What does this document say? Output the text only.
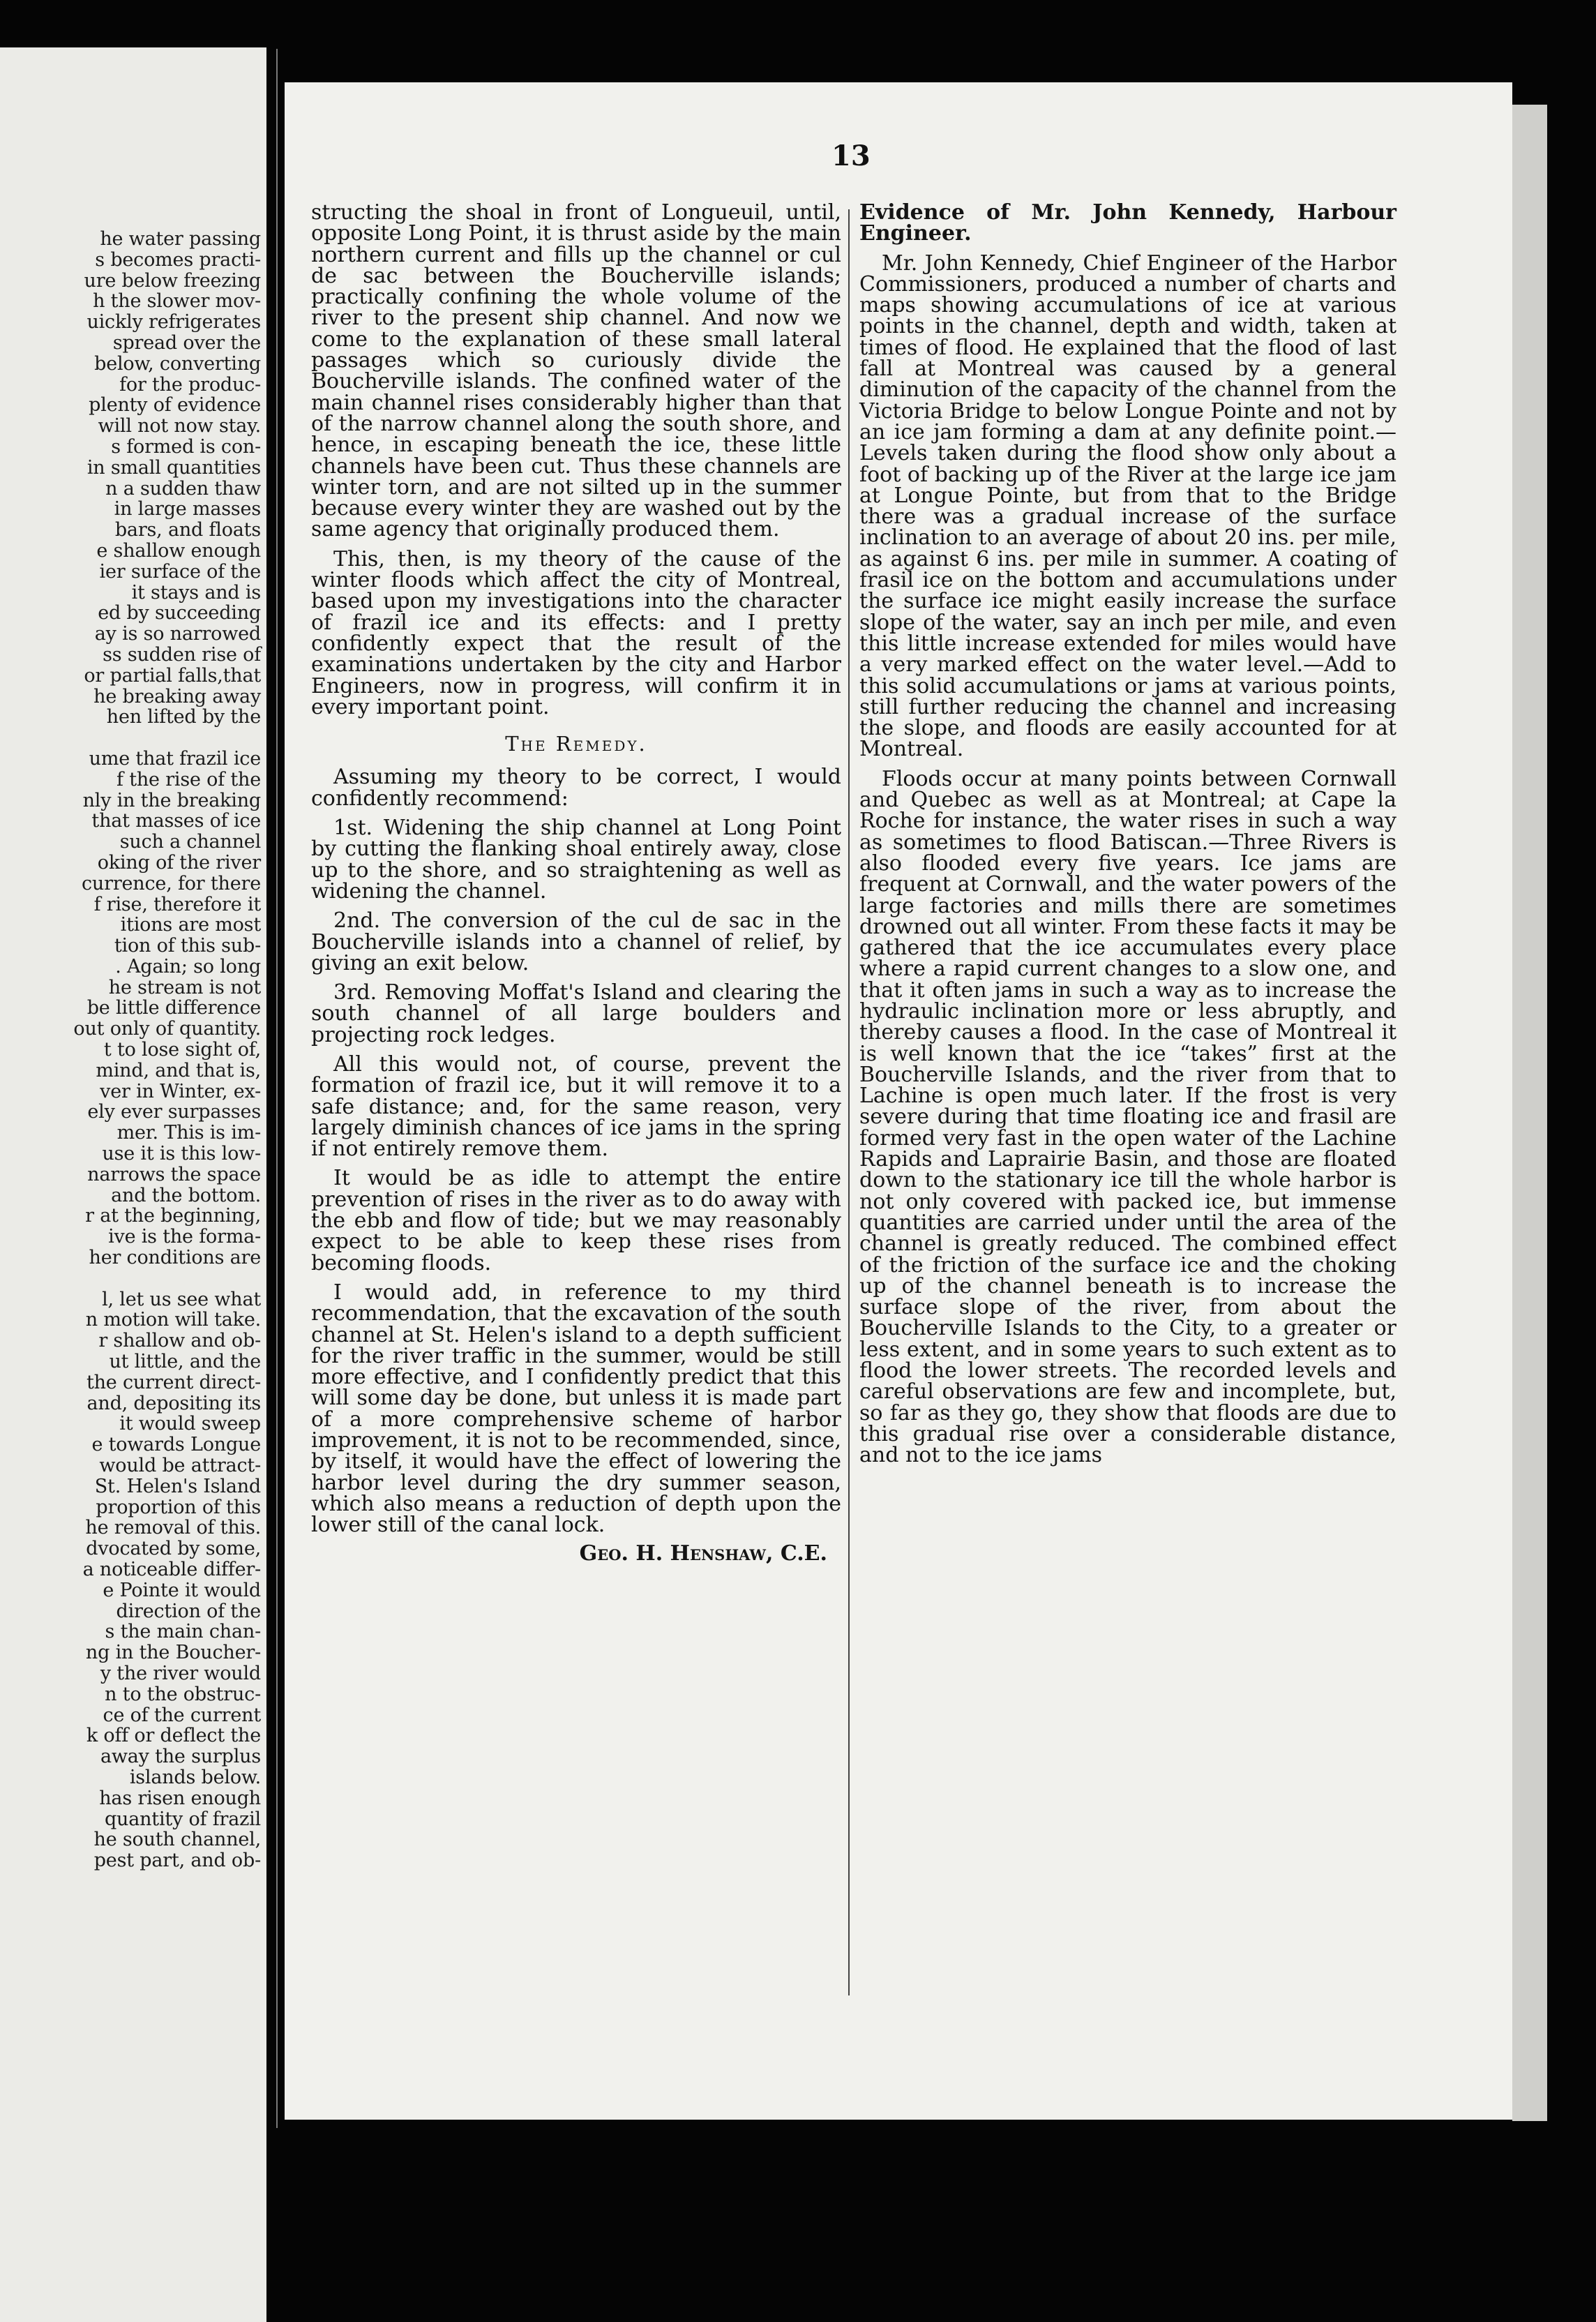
he water passing
s becomes practi-
ure below freezing
h the slower mov-
uickly refrigerates
spread over the
below, converting
for the produc-
plenty of evidence
will not now stay.
s formed is con-
in small quantities
n a sudden thaw
in large masses
bars, and floats
e shallow enough
ier surface of the
it stays and is
ed by succeeding
ay is so narrowed
ss sudden rise of
or partial falls,that
he breaking away
hen lifted by the

ume that frazil ice
f the rise of the
nly in the breaking
that masses of ice
such a channel
oking of the river
currence, for there
f rise, therefore it
itions are most
tion of this sub-
. Again; so long
he stream is not
be little difference
out only of quantity.
t to lose sight of,
mind, and that is,
ver in Winter, ex-
ely ever surpasses
mer. This is im-
use it is this low-
narrows the space
and the bottom.
r at the beginning,
ive is the forma-
her conditions are

l, let us see what
n motion will take.
r shallow and ob-
ut little, and the
the current direct-
and, depositing its
it would sweep
e towards Longue
would be attract-
St. Helen's Island
proportion of this
he removal of this.
dvocated by some,
a noticeable differ-
e Pointe it would
direction of the
s the main chan-
ng in the Boucher-
y the river would
n to the obstruc-
ce of the current
k off or deflect the
away the surplus
islands below.
has risen enough
quantity of frazil
he south channel,
pest part, and ob-
13

structing the shoal in front of Longueuil, until, opposite Long Point, it is thrust aside by the main northern current and fills up the channel or cul de sac between the Boucherville islands; practically confining the whole volume of the river to the present ship channel. And now we come to the explanation of these small lateral passages which so curiously divide the Boucherville islands. The confined water of the main channel rises considerably higher than that of the narrow channel along the south shore, and hence, in escaping beneath the ice, these little channels have been cut. Thus these channels are winter torn, and are not silted up in the summer because every winter they are washed out by the same agency that originally produced them.

This, then, is my theory of the cause of the winter floods which affect the city of Montreal, based upon my investigations into the character of frazil ice and its effects: and I pretty confidently expect that the result of the examinations undertaken by the city and Harbor Engineers, now in progress, will confirm it in every important point.

The Remedy.

Assuming my theory to be correct, I would confidently recommend:

1st. Widening the ship channel at Long Point by cutting the flanking shoal entirely away, close up to the shore, and so straightening as well as widening the channel.

2nd. The conversion of the cul de sac in the Boucherville islands into a channel of relief, by giving an exit below.

3rd. Removing Moffat's Island and clearing the south channel of all large boulders and projecting rock ledges.

All this would not, of course, prevent the formation of frazil ice, but it will remove it to a safe distance; and, for the same reason, very largely diminish chances of ice jams in the spring if not entirely remove them.

It would be as idle to attempt the entire prevention of rises in the river as to do away with the ebb and flow of tide; but we may reasonably expect to be able to keep these rises from becoming floods.

I would add, in reference to my third recommendation, that the excavation of the south channel at St. Helen's island to a depth sufficient for the river traffic in the summer, would be still more effective, and I confidently predict that this will some day be done, but unless it is made part of a more comprehensive scheme of harbor improvement, it is not to be recommended, since, by itself, it would have the effect of lowering the harbor level during the dry summer season, which also means a reduction of depth upon the lower still of the canal lock.

Geo. H. Henshaw, C.E.

Evidence of Mr. John Kennedy, Harbour Engineer.

Mr. John Kennedy, Chief Engineer of the Harbor Commissioners, produced a number of charts and maps showing accumulations of ice at various points in the channel, depth and width, taken at times of flood. He explained that the flood of last fall at Montreal was caused by a general diminution of the capacity of the channel from the Victoria Bridge to below Longue Pointe and not by an ice jam forming a dam at any definite point.—Levels taken during the flood show only about a foot of backing up of the River at the large ice jam at Longue Pointe, but from that to the Bridge there was a gradual increase of the surface inclination to an average of about 20 ins. per mile, as against 6 ins. per mile in summer. A coating of frasil ice on the bottom and accumulations under the surface ice might easily increase the surface slope of the water, say an inch per mile, and even this little increase extended for miles would have a very marked effect on the water level.—Add to this solid accumulations or jams at various points, still further reducing the channel and increasing the slope, and floods are easily accounted for at Montreal.

Floods occur at many points between Cornwall and Quebec as well as at Montreal; at Cape la Roche for instance, the water rises in such a way as sometimes to flood Batiscan.—Three Rivers is also flooded every five years. Ice jams are frequent at Cornwall, and the water powers of the large factories and mills there are sometimes drowned out all winter. From these facts it may be gathered that the ice accumulates every place where a rapid current changes to a slow one, and that it often jams in such a way as to increase the hydraulic inclination more or less abruptly, and thereby causes a flood. In the case of Montreal it is well known that the ice “takes” first at the Boucherville Islands, and the river from that to Lachine is open much later. If the frost is very severe during that time floating ice and frasil are formed very fast in the open water of the Lachine Rapids and Laprairie Basin, and those are floated down to the stationary ice till the whole harbor is not only covered with packed ice, but immense quantities are carried under until the area of the channel is greatly reduced. The combined effect of the friction of the surface ice and the choking up of the channel beneath is to increase the surface slope of the river, from about the Boucherville Islands to the City, to a greater or less extent, and in some years to such extent as to flood the lower streets. The recorded levels and careful observations are few and incomplete, but, so far as they go, they show that floods are due to this gradual rise over a considerable distance, and not to the ice jams
